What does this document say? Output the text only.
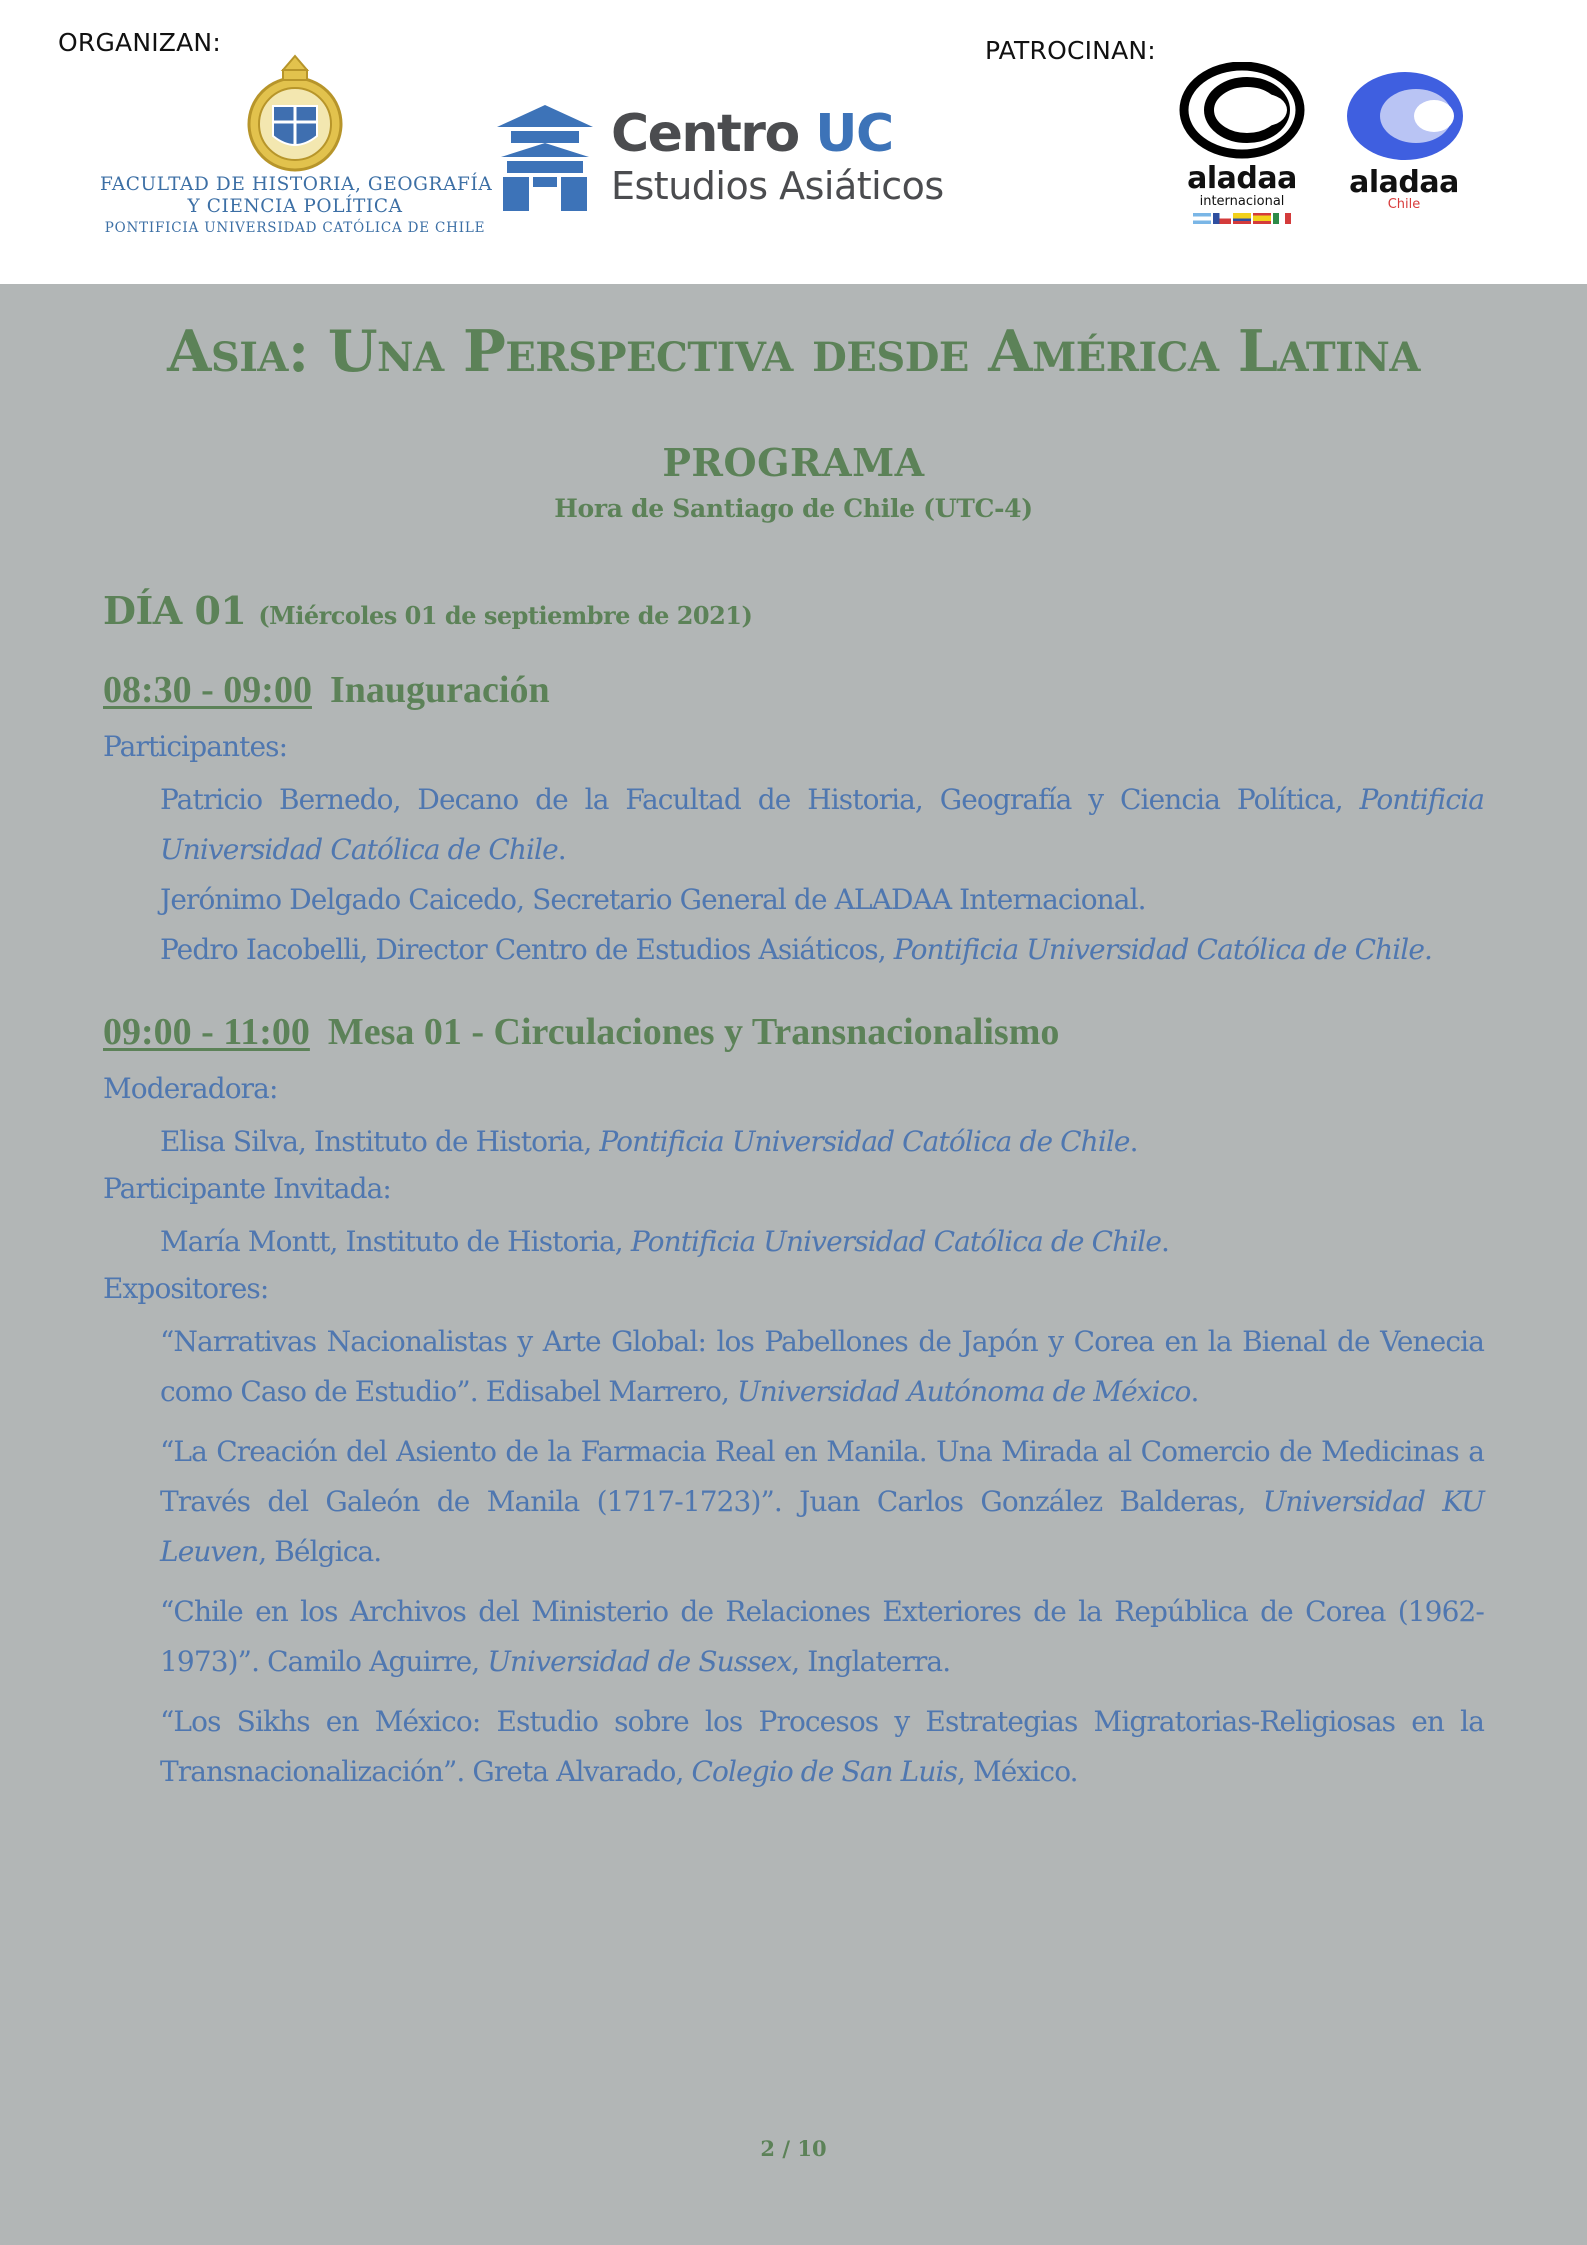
ORGANIZAN:	PATROCINAN:
FACULTAD DE HISTORIA, GEOGRAFÍA
Y CIENCIA POLÍTICA
PONTIFICIA UNIVERSIDAD CATÓLICA DE CHILE
Centro UC
Estudios Asiáticos	aladaa
internacional
aladaa
Chile
Asia: Una Perspectiva desde América Latina
PROGRAMA
Hora de Santiago de Chile (UTC-4)
DÍA 01 (Miércoles 01 de septiembre de 2021)
08:30 - 09:00 Inauguración
Participantes:
Patricio Bernedo, Decano de la Facultad de Historia, Geografía y Ciencia Política, Pontificia Universidad Católica de Chile.
Jerónimo Delgado Caicedo, Secretario General de ALADAA Internacional.
Pedro Iacobelli, Director Centro de Estudios Asiáticos, Pontificia Universidad Católica de Chile.
09:00 - 11:00 Mesa 01 - Circulaciones y Transnacionalismo
Moderadora:
Elisa Silva, Instituto de Historia, Pontificia Universidad Católica de Chile.
Participante Invitada:
María Montt, Instituto de Historia, Pontificia Universidad Católica de Chile.
Expositores:
“Narrativas Nacionalistas y Arte Global: los Pabellones de Japón y Corea en la Bienal de Venecia como Caso de Estudio”. Edisabel Marrero, Universidad Autónoma de México.
“La Creación del Asiento de la Farmacia Real en Manila. Una Mirada al Comercio de Medicinas a Través del Galeón de Manila (1717-1723)”. Juan Carlos González Balderas, Universidad KU Leuven, Bélgica.
“Chile en los Archivos del Ministerio de Relaciones Exteriores de la República de Corea (1962-1973)”. Camilo Aguirre, Universidad de Sussex, Inglaterra.
“Los Sikhs en México: Estudio sobre los Procesos y Estrategias Migratorias-Religiosas en la Transnacionalización”. Greta Alvarado, Colegio de San Luis, México.
2 / 10
